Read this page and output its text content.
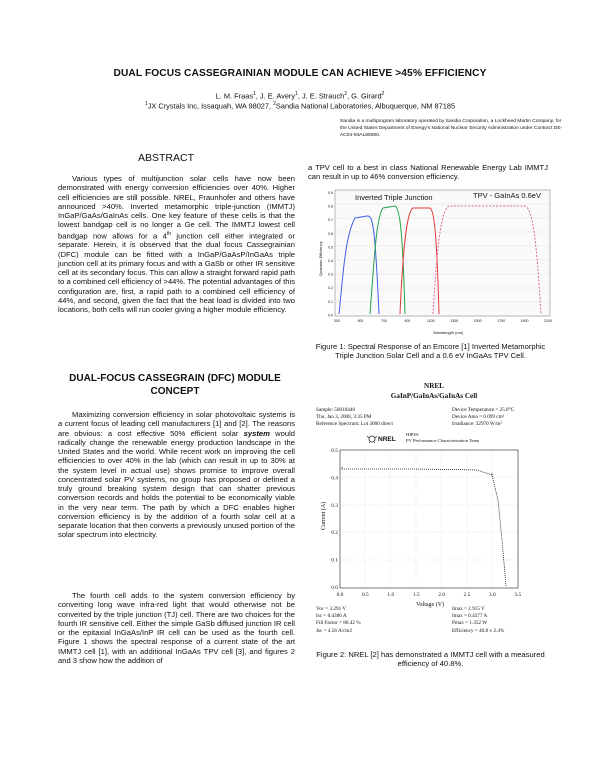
DUAL FOCUS CASSEGRAINIAN MODULE CAN ACHIEVE >45% EFFICIENCY
L. M. Fraas$^1$, J. E. Avery$^1$, J. E. Strauch$^2$, G. Girard$^2$
$^1$JX Crystals Inc, Issaquah, WA 98027, $^2$Sandia National Laboratories, Albuquerque, NM 87185
Sandia is a multiprogram laboratory operated by Sandia Corporation, a Lockheed Martin Company, for the United States Department of Energy's National Nuclear Security Administration under Contract DE-AC04-94AL85000.
ABSTRACT

Various types of multijunction solar cells have now been demonstrated with energy conversion efficiencies over 40%. Higher cell efficiencies are still possible. NREL, Fraunhofer and others have announced >40%. Inverted metamorphic triple-junction (IMMTJ) InGaP/GaAs/GaInAs cells. One key feature of these cells is that the lowest bandgap cell is no longer a Ge cell. The IMMTJ lowest cell bandgap now allows for a 4th junction cell either integrated or separate. Herein, it is observed that the dual focus Cassegrainian (DFC) module can be fitted with a InGaP/GaAsP/InGaAs triple junction cell at its primary focus and with a GaSb or other IR sensitive cell at its secondary focus. This can allow a straight forward rapid path to a combined cell efficiency of >44%. The potential advantages of this configuration are, first, a rapid path to a combined cell efficiency of 44%, and second, given the fact that the heat load is divided into two locations, both cells will run cooler giving a higher module efficiency.

a TPV cell to a best in class National Renewable Energy Lab IMMTJ can result in up to 46% conversion efficiency.

DUAL-FOCUS CASSEGRAIN (DFC) MODULE CONCEPT

Maximizing conversion efficiency in solar photovoltaic systems is a current focus of leading cell manufacturers [1] and [2]. The reasons are obvious: a cost effective 50% efficient solar system would radically change the renewable energy production landscape in the United States and the world. While recent work on improving the cell efficiencies to over 40% in the lab (which can result in up to 30% at the system level in actual use) shows promise to improve overall concentrated solar PV systems, no group has proposed or defined a truly ground breaking system design that can shatter previous conversion records and holds the potential to be economically viable in the very near term. The path by which a DFC enables higher conversion efficiency is by the addition of a fourth solar cell at a separate location that then converts a previously unused portion of the solar spectrum into electricity.

The fourth cell adds to the system conversion efficiency by converting long wave infra-red light that would otherwise not be converted by the triple junction (TJ) cell. There are two choices for the fourth IR sensitive cell. Either the simple GaSb diffused junction IR cell or the epitaxial InGaAs/InP IR cell can be used as the fourth cell. Figure 1 shows the spectral response of a current state of the art IMMTJ cell [1], with an additional InGaAs TPV cell [3], and figures 2 and 3 show how the addition of

Inverted Triple Junction	TPV - GaInAs 0.6eV
Quantum Efficiency
0.9
0.8
0.7
0.6
0.5
0.4
0.3
0.2
0.1
0.0
300	500	700	900	1100	1300	1500	1700	1900	2100
Wavelength (nm)
Figure 1: Spectral Response of an Emcore [1] Inverted Metamorphic Triple Junction Solar Cell and a 0.6 eV InGaAs TPV Cell.
NREL
GaInP/GaInAs/GaInAs Cell
Sample: 50018440
Thu, Jan 3, 2008, 3:35 PM
Reference Spectrum: Lot 3000 direct
Device Temperature = 25.0°C
Device Area = 0.099 cm²
Irradiance: 32970 W/m²
NREL
HIPSS
PV Performance Characterization Team
×
×
0.5
0.4
0.3
0.2
0.1
0.0
0.0	0.5	1.0	1.5	2.0	2.5	3.0	3.5
Current (A)
Voltage (V)
Voc = 3.291 V
Isc = 0.4386 A
Fill Factor = 88.42 %
Jsc = 4.56 A/cm2
Imax = 2.915 V
Imax = 0.4377 A
Pmax = 1.352 W
Efficiency = 40.8 ± 2.4%
Figure 2: NREL [2] has demonstrated a IMMTJ cell with a measured efficiency of 40.8%.
